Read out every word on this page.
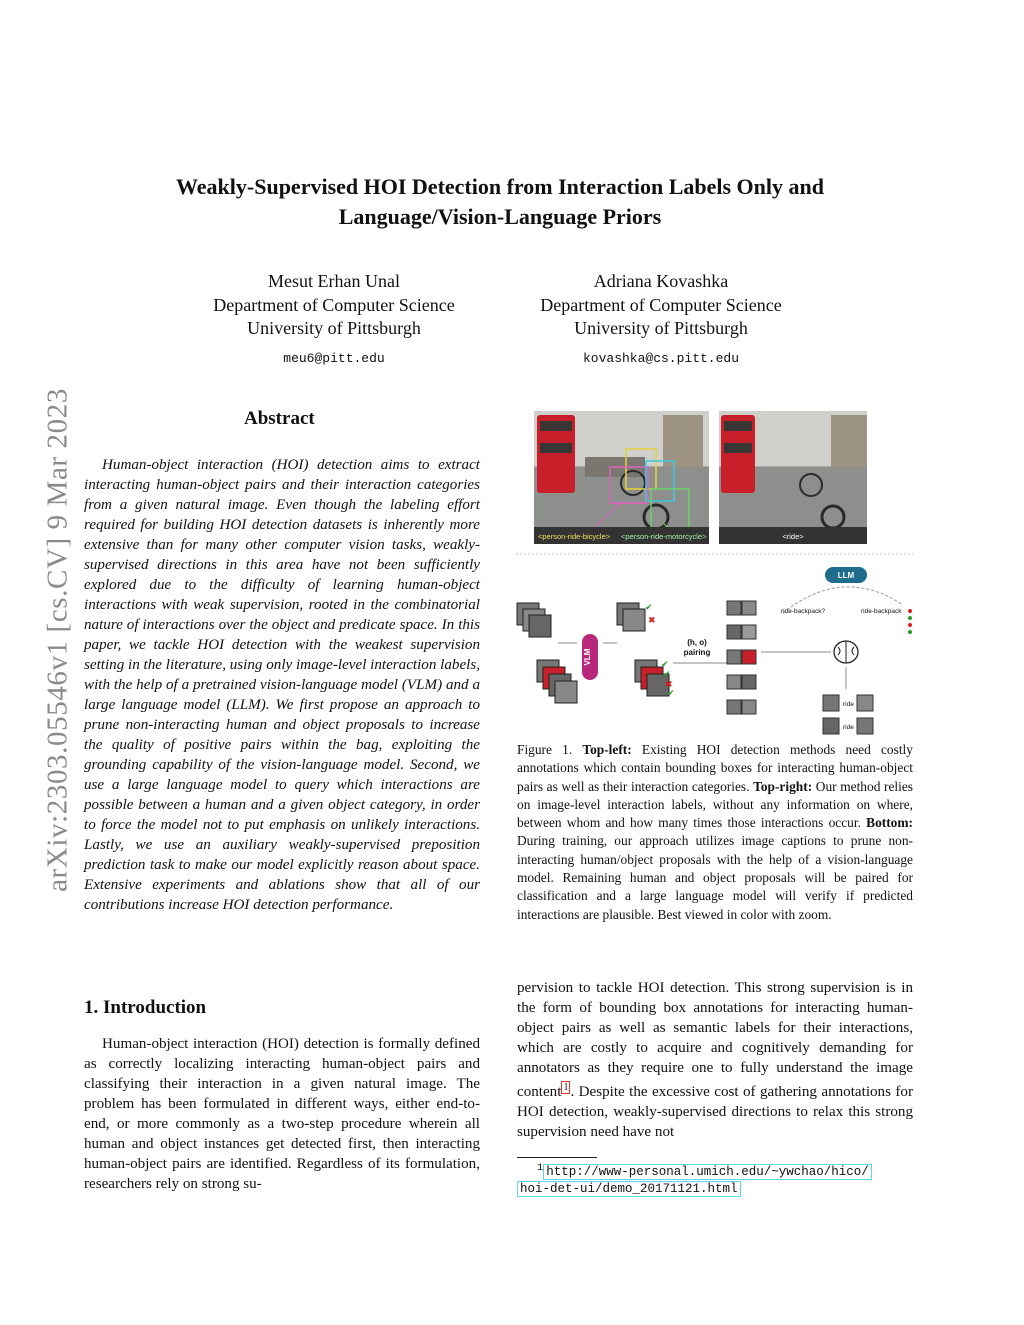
Weakly-Supervised HOI Detection from Interaction Labels Only and
Language/Vision-Language Priors
arXiv:2303.05546v1 [cs.CV] 9 Mar 2023
Mesut Erhan Unal
Department of Computer Science
University of Pittsburgh
meu6@pitt.edu
Adriana Kovashka
Department of Computer Science
University of Pittsburgh
kovashka@cs.pitt.edu
Abstract

Human-object interaction (HOI) detection aims to extract interacting human-object pairs and their interaction categories from a given natural image. Even though the labeling effort required for building HOI detection datasets is inherently more extensive than for many other computer vision tasks, weakly-supervised directions in this area have not been sufficiently explored due to the difficulty of learning human-object interactions with weak supervision, rooted in the combinatorial nature of interactions over the object and predicate space. In this paper, we tackle HOI detection with the weakest supervision setting in the literature, using only image-level interaction labels, with the help of a pretrained vision-language model (VLM) and a large language model (LLM). We first propose an approach to prune non-interacting human and object proposals to increase the quality of positive pairs within the bag, exploiting the grounding capability of the vision-language model. Second, we use a large language model to query which interactions are possible between a human and a given object category, in order to force the model not to put emphasis on unlikely interactions. Lastly, we use an auxiliary weakly-supervised preposition prediction task to make our model explicitly reason about space. Extensive experiments and ablations show that all of our contributions increase HOI detection performance.

1. Introduction

Human-object interaction (HOI) detection is formally defined as correctly localizing interacting human-object pairs and classifying their interaction in a given natural image. The problem has been formulated in different ways, either end-to-end, or more commonly as a two-step procedure wherein all human and object instances get detected first, then interacting human-object pairs are identified. Regardless of its formulation, researchers rely on strong su-

pervision to tackle HOI detection. This strong supervision is in the form of bounding box annotations for interacting human-object pairs as well as semantic labels for their interactions, which are costly to acquire and cognitively demanding for annotators as they require one to fully understand the image content $^1$ . Despite the excessive cost of gathering annotations for HOI detection, weakly-supervised directions to relax this strong supervision need have not

$^1$ http://www-personal.umich.edu/~ywchao/hico/
hoi-det-ui/demo_20171121.html
<person-ride-bicycle> <person-ride-motorcycle>	<ride>
VLM
✔
✖
✔
✔
✖
✔
(h, o)
pairing
LLM
ride-backpack?	ride-backpack
ride
ride
Figure 1. Top-left: Existing HOI detection methods need costly annotations which contain bounding boxes for interacting human-object pairs as well as their interaction categories. Top-right: Our method relies on image-level interaction labels, without any information on where, between whom and how many times those interactions occur. Bottom: During training, our approach utilizes image captions to prune non-interacting human/object proposals with the help of a vision-language model. Remaining human and object proposals will be paired for classification and a large language model will verify if predicted interactions are plausible. Best viewed in color with zoom.
